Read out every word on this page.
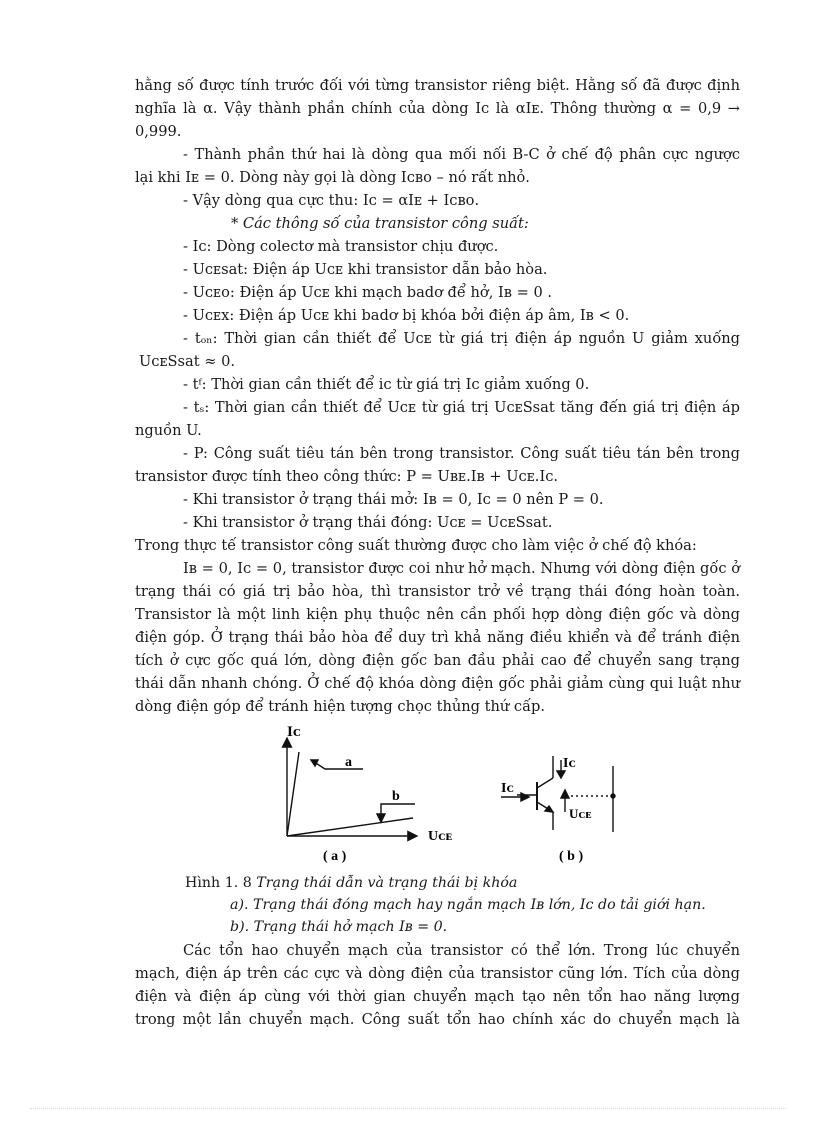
hằng số được tính trước đối với từng transistor riêng biệt. Hằng số đã được định
nghĩa là α. Vậy thành phần chính của dòng Iᴄ là αIᴇ. Thông thường α = 0,9 →
0,999.
- Thành phần thứ hai là dòng qua mối nối B-C ở chế độ phân cực ngược
lại khi Iᴇ = 0. Dòng này gọi là dòng Iᴄʙᴏ – nó rất nhỏ.
- Vậy dòng qua cực thu: Iᴄ = αIᴇ + Iᴄʙᴏ.
* Các thông số của transistor công suất:
- Iᴄ: Dòng colectơ mà transistor chịu được.
- Uᴄᴇsat: Điện áp Uᴄᴇ khi transistor dẫn bảo hòa.
- Uᴄᴇᴏ: Điện áp Uᴄᴇ khi mạch badơ để hở, Iʙ = 0 .
- Uᴄᴇx: Điện áp Uᴄᴇ khi badơ bị khóa bởi điện áp âm, Iʙ < 0.
- tₒₙ: Thời gian cần thiết để Uᴄᴇ từ giá trị điện áp nguồn U giảm xuống
UᴄᴇSsat ≈ 0.
- tᶠ: Thời gian cần thiết để iᴄ từ giá trị Iᴄ giảm xuống 0.
- tₛ: Thời gian cần thiết để Uᴄᴇ từ giá trị UᴄᴇSsat tăng đến giá trị điện áp
nguồn U.
- P: Công suất tiêu tán bên trong transistor. Công suất tiêu tán bên trong
transistor được tính theo công thức: P = Uʙᴇ.Iʙ + Uᴄᴇ.Iᴄ.
- Khi transistor ở trạng thái mở: Iʙ = 0, Iᴄ = 0 nên P = 0.
- Khi transistor ở trạng thái đóng: Uᴄᴇ = UᴄᴇSsat.
Trong thực tế transistor công suất thường được cho làm việc ở chế độ khóa:
Iʙ = 0, Iᴄ = 0, transistor được coi như hở mạch. Nhưng với dòng điện gốc ở
trạng thái có giá trị bảo hòa, thì transistor trở về trạng thái đóng hoàn toàn.
Transistor là một linh kiện phụ thuộc nên cần phối hợp dòng điện gốc và dòng
điện góp. Ở trạng thái bảo hòa để duy trì khả năng điều khiển và để tránh điện
tích ở cực gốc quá lớn, dòng điện gốc ban đầu phải cao để chuyển sang trạng
thái dẫn nhanh chóng. Ở chế độ khóa dòng điện gốc phải giảm cùng qui luật như
dòng điện góp để tránh hiện tượng chọc thủng thứ cấp.
Iᴄ
Uᴄᴇ
a
b
( a )
Iᴄ
Iᴄ
Uᴄᴇ
( b )
Hình 1. 8 Trạng thái dẫn và trạng thái bị khóa
a). Trạng thái đóng mạch hay ngắn mạch Iʙ lớn, Iᴄ do tải giới hạn.
b). Trạng thái hở mạch Iʙ = 0.
Các tổn hao chuyển mạch của transistor có thể lớn. Trong lúc chuyển
mạch, điện áp trên các cực và dòng điện của transistor cũng lớn. Tích của dòng
điện và điện áp cùng với thời gian chuyển mạch tạo nên tổn hao năng lượng
trong một lần chuyển mạch. Công suất tổn hao chính xác do chuyển mạch là
